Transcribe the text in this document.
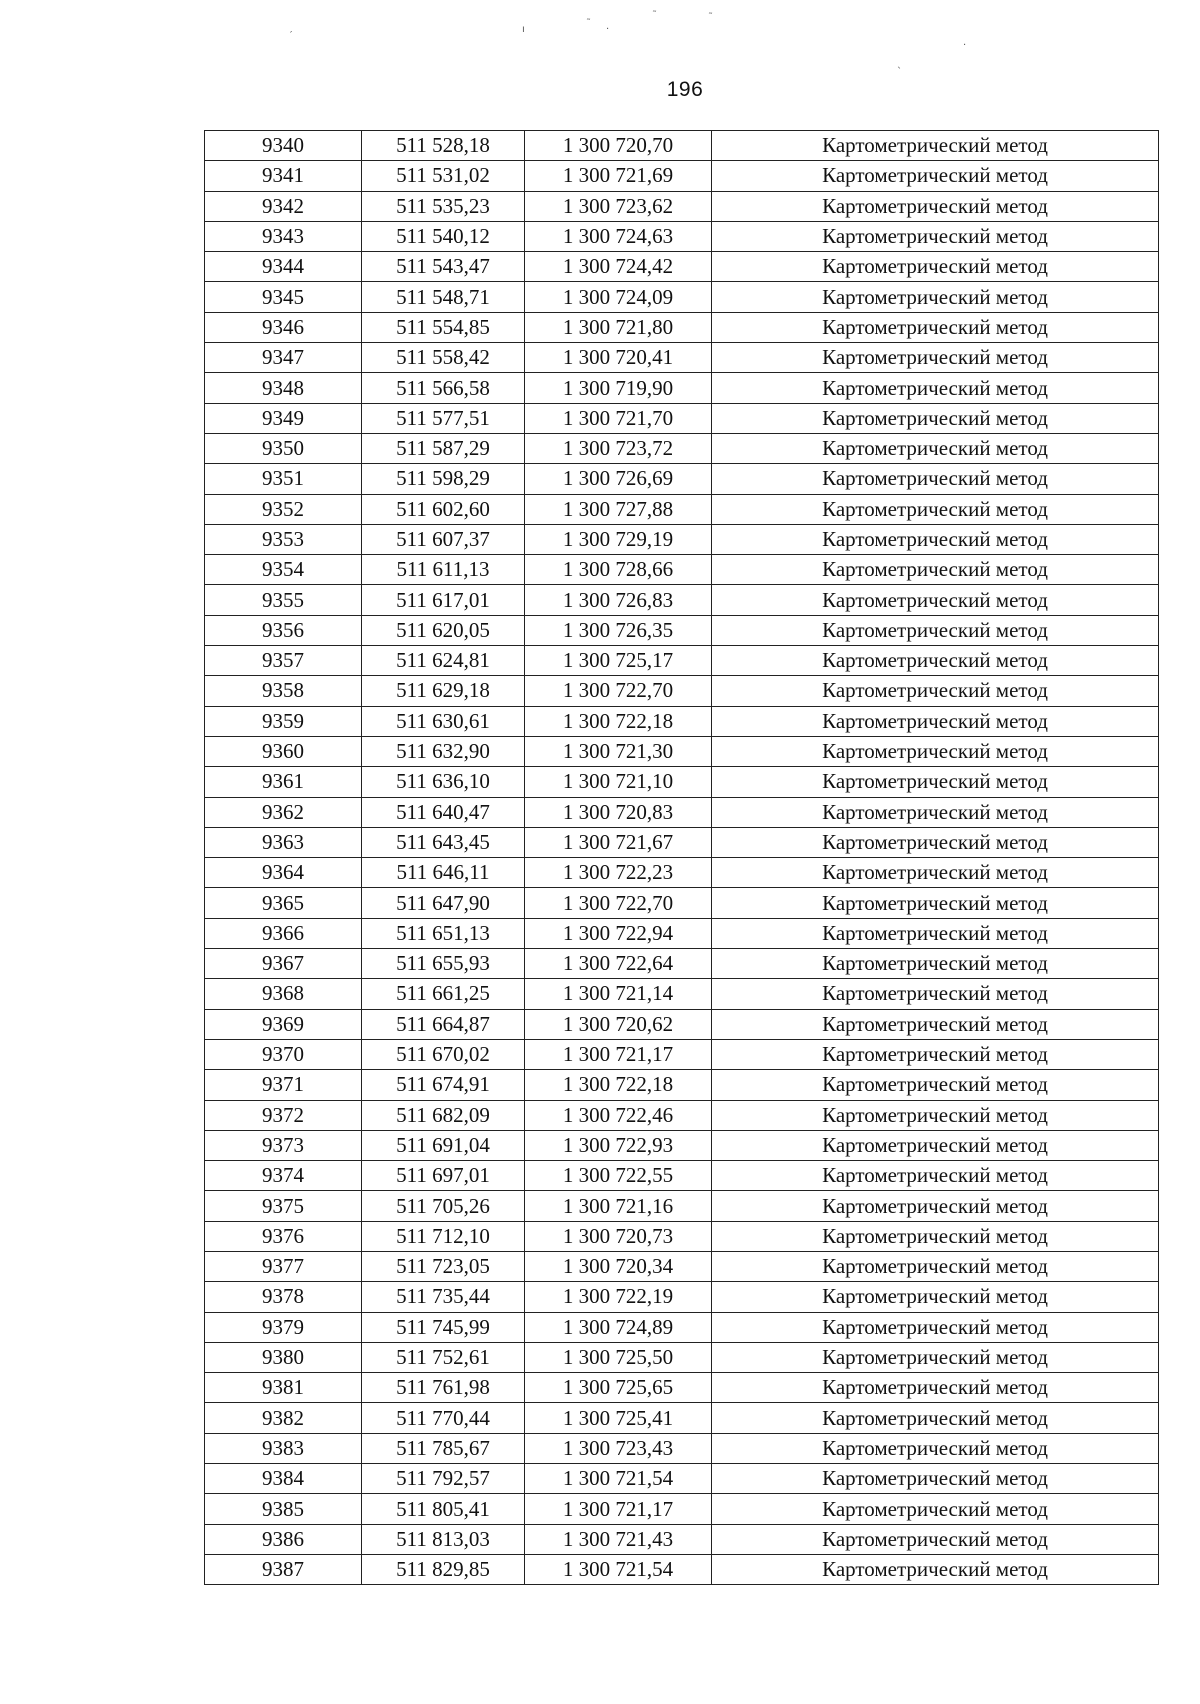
′
ı
˜
·
˜	˜
·
ˎ
196
9340	511 528,18	1 300 720,70	Картометрический метод
9341	511 531,02	1 300 721,69	Картометрический метод
9342	511 535,23	1 300 723,62	Картометрический метод
9343	511 540,12	1 300 724,63	Картометрический метод
9344	511 543,47	1 300 724,42	Картометрический метод
9345	511 548,71	1 300 724,09	Картометрический метод
9346	511 554,85	1 300 721,80	Картометрический метод
9347	511 558,42	1 300 720,41	Картометрический метод
9348	511 566,58	1 300 719,90	Картометрический метод
9349	511 577,51	1 300 721,70	Картометрический метод
9350	511 587,29	1 300 723,72	Картометрический метод
9351	511 598,29	1 300 726,69	Картометрический метод
9352	511 602,60	1 300 727,88	Картометрический метод
9353	511 607,37	1 300 729,19	Картометрический метод
9354	511 611,13	1 300 728,66	Картометрический метод
9355	511 617,01	1 300 726,83	Картометрический метод
9356	511 620,05	1 300 726,35	Картометрический метод
9357	511 624,81	1 300 725,17	Картометрический метод
9358	511 629,18	1 300 722,70	Картометрический метод
9359	511 630,61	1 300 722,18	Картометрический метод
9360	511 632,90	1 300 721,30	Картометрический метод
9361	511 636,10	1 300 721,10	Картометрический метод
9362	511 640,47	1 300 720,83	Картометрический метод
9363	511 643,45	1 300 721,67	Картометрический метод
9364	511 646,11	1 300 722,23	Картометрический метод
9365	511 647,90	1 300 722,70	Картометрический метод
9366	511 651,13	1 300 722,94	Картометрический метод
9367	511 655,93	1 300 722,64	Картометрический метод
9368	511 661,25	1 300 721,14	Картометрический метод
9369	511 664,87	1 300 720,62	Картометрический метод
9370	511 670,02	1 300 721,17	Картометрический метод
9371	511 674,91	1 300 722,18	Картометрический метод
9372	511 682,09	1 300 722,46	Картометрический метод
9373	511 691,04	1 300 722,93	Картометрический метод
9374	511 697,01	1 300 722,55	Картометрический метод
9375	511 705,26	1 300 721,16	Картометрический метод
9376	511 712,10	1 300 720,73	Картометрический метод
9377	511 723,05	1 300 720,34	Картометрический метод
9378	511 735,44	1 300 722,19	Картометрический метод
9379	511 745,99	1 300 724,89	Картометрический метод
9380	511 752,61	1 300 725,50	Картометрический метод
9381	511 761,98	1 300 725,65	Картометрический метод
9382	511 770,44	1 300 725,41	Картометрический метод
9383	511 785,67	1 300 723,43	Картометрический метод
9384	511 792,57	1 300 721,54	Картометрический метод
9385	511 805,41	1 300 721,17	Картометрический метод
9386	511 813,03	1 300 721,43	Картометрический метод
9387	511 829,85	1 300 721,54	Картометрический метод
